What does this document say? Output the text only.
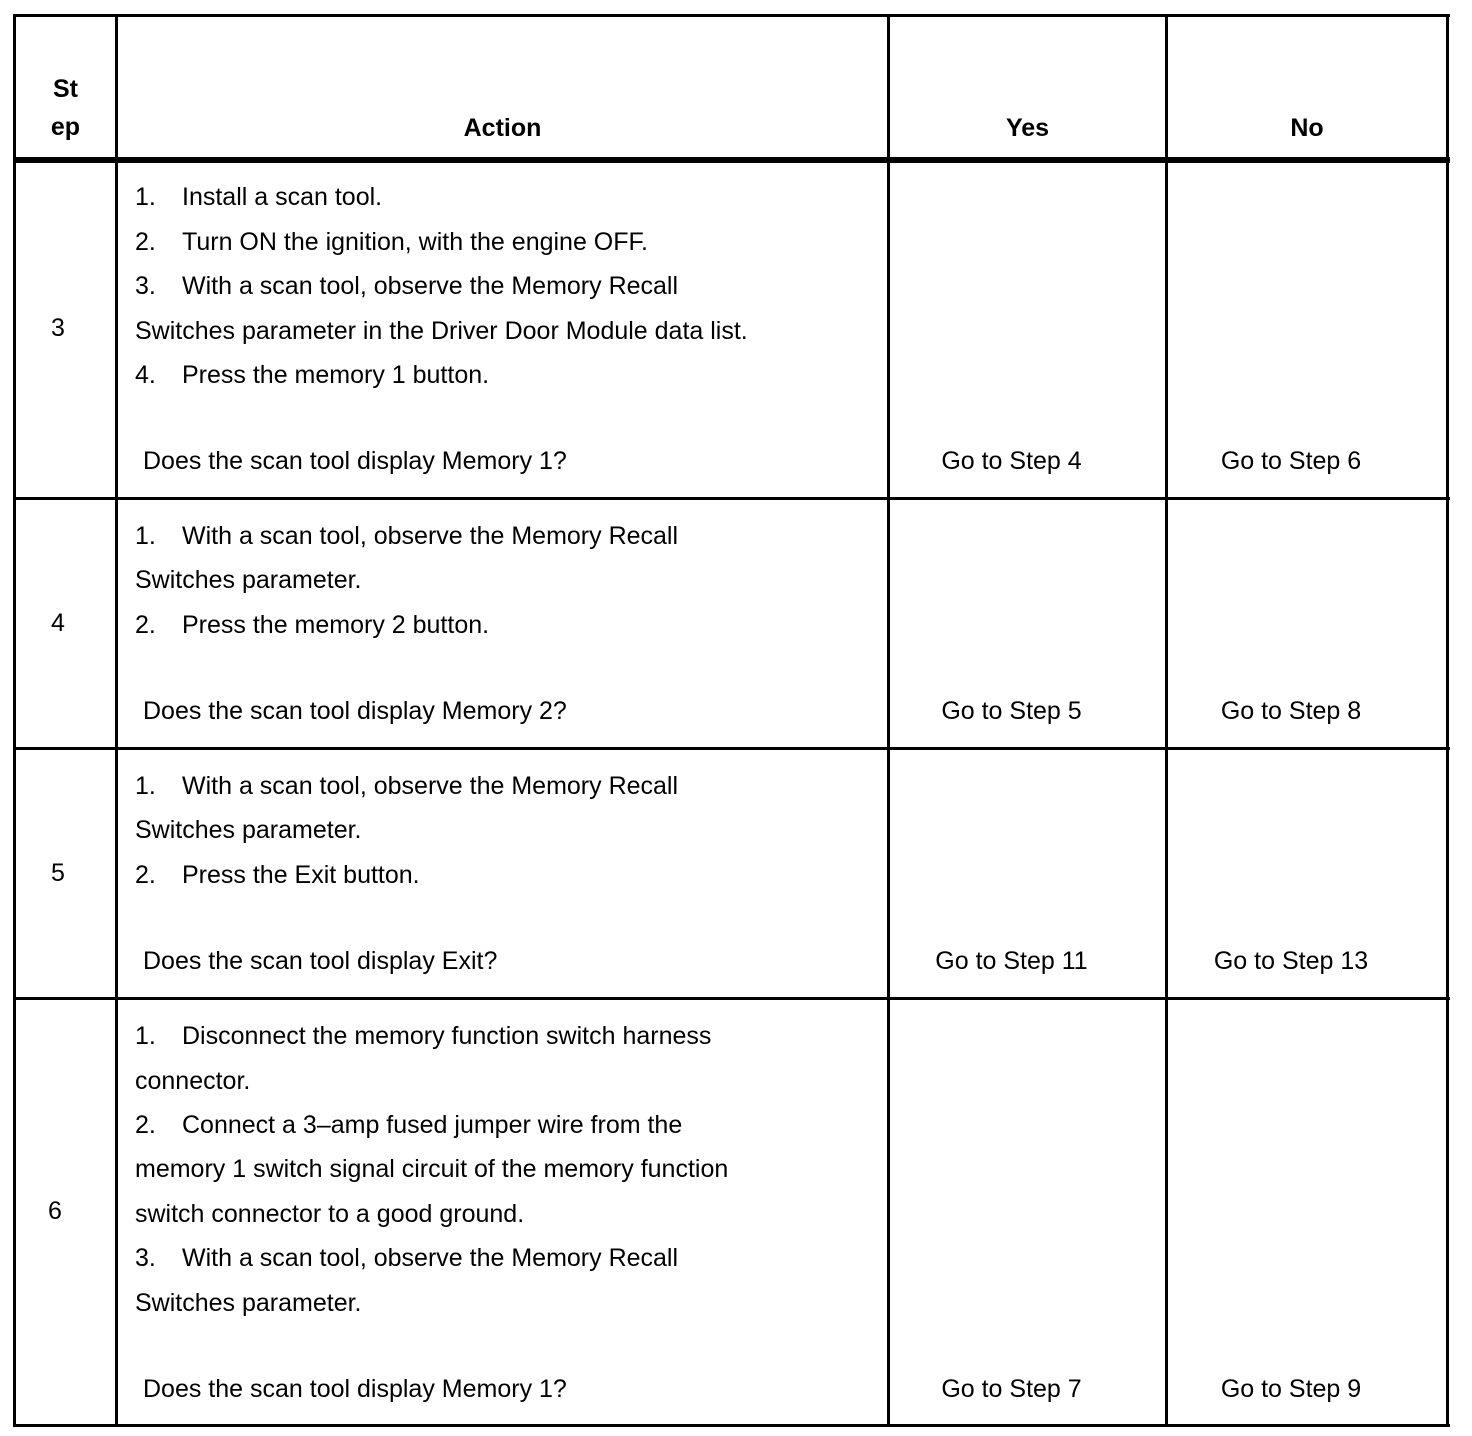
St
ep	Action	Yes	No
3
1. Install a scan tool.
2. Turn ON the ignition, with the engine OFF.
3. With a scan tool, observe the Memory Recall
Switches parameter in the Driver Door Module data list.
4. Press the memory 1 button.
Does the scan tool display Memory 1?	Go to Step 4	Go to Step 6
4
1. With a scan tool, observe the Memory Recall
Switches parameter.
2. Press the memory 2 button.
Does the scan tool display Memory 2?	Go to Step 5	Go to Step 8
5
1. With a scan tool, observe the Memory Recall
Switches parameter.
2. Press the Exit button.
Does the scan tool display Exit?	Go to Step 11	Go to Step 13
6
1. Disconnect the memory function switch harness
connector.
2. Connect a 3–amp fused jumper wire from the
memory 1 switch signal circuit of the memory function
switch connector to a good ground.
3. With a scan tool, observe the Memory Recall
Switches parameter.
Does the scan tool display Memory 1?	Go to Step 7	Go to Step 9
